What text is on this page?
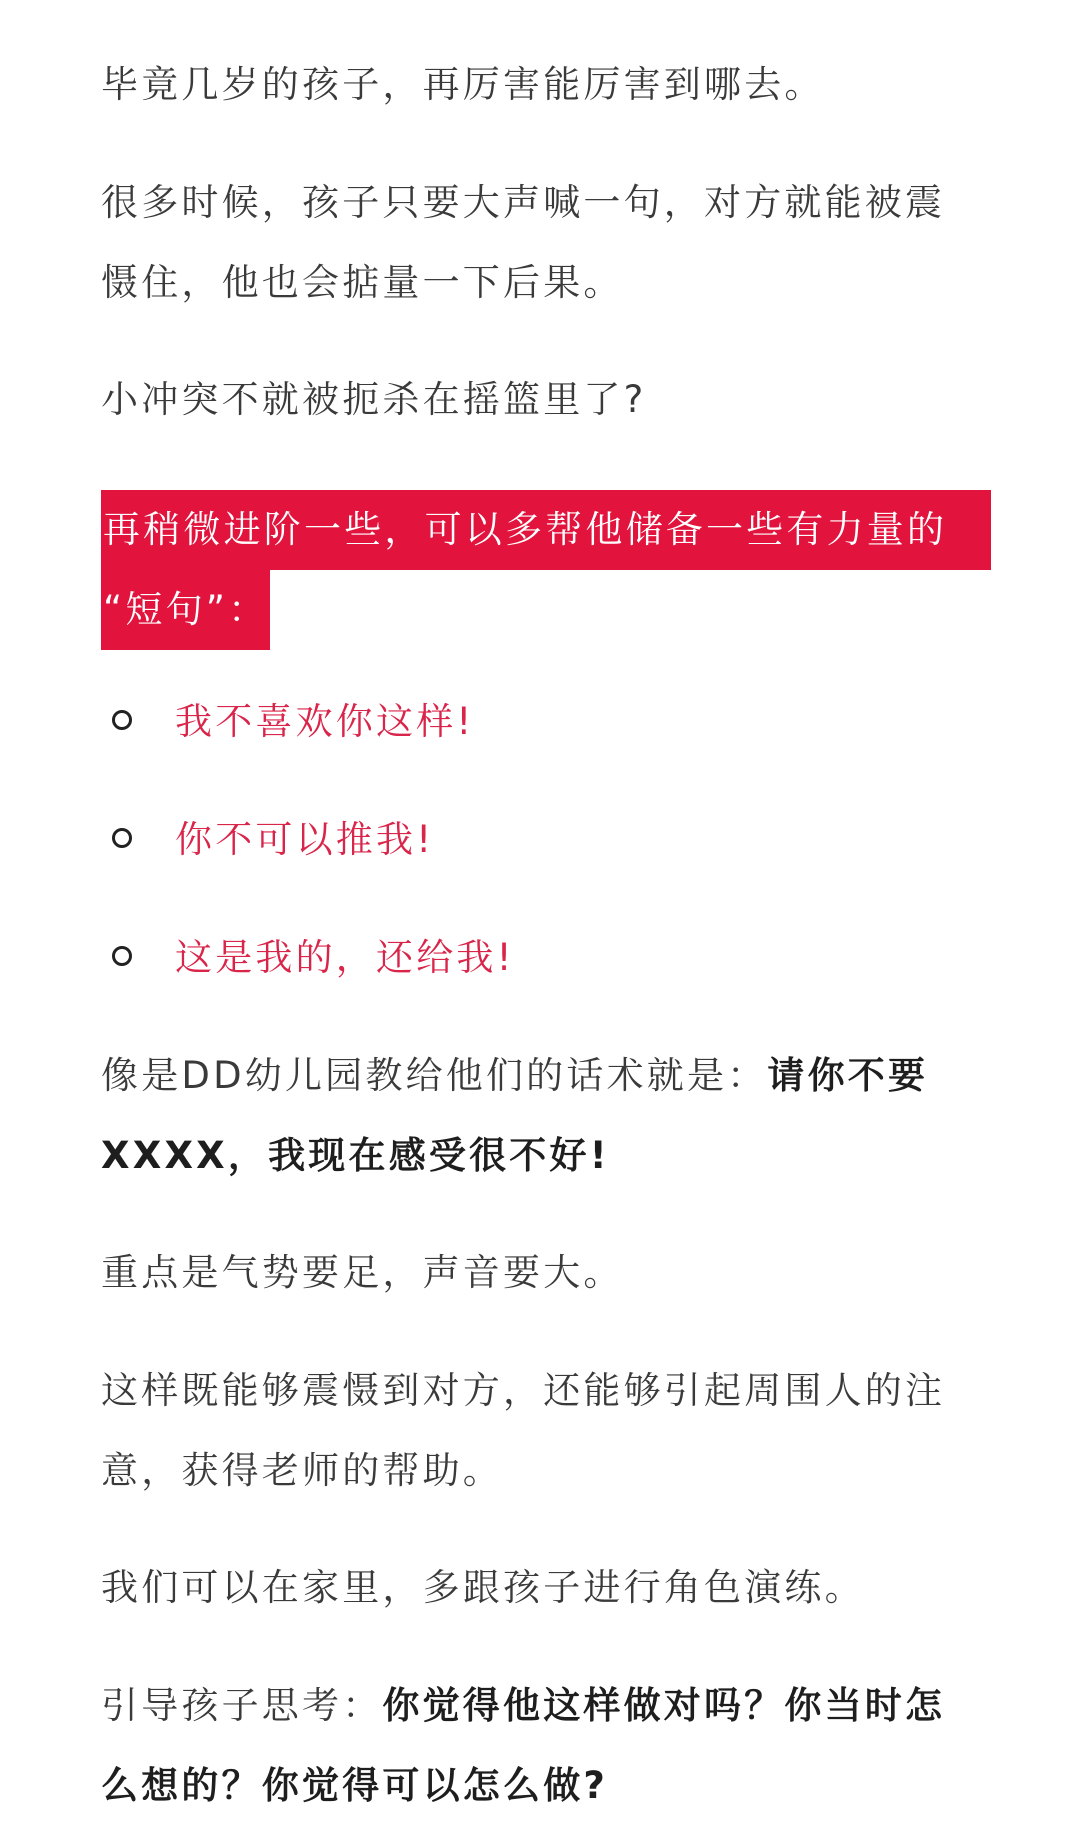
毕竟几岁的孩子，再厉害能厉害到哪去。

很多时候，孩子只要大声喊一句，对方就能被震
慑住，他也会掂量一下后果。

小冲突不就被扼杀在摇篮里了?

再稍微进阶一些，可以多帮他储备一些有力量的
“短句”：
我不喜欢你这样!
你不可以推我!
这是我的，还给我!

像是DD幼儿园教给他们的话术就是：请你不要
XXXX，我现在感受很不好!

重点是气势要足，声音要大。

这样既能够震慑到对方，还能够引起周围人的注
意，获得老师的帮助。

我们可以在家里，多跟孩子进行角色演练。

引导孩子思考：你觉得他这样做对吗？你当时怎
么想的？你觉得可以怎么做?
